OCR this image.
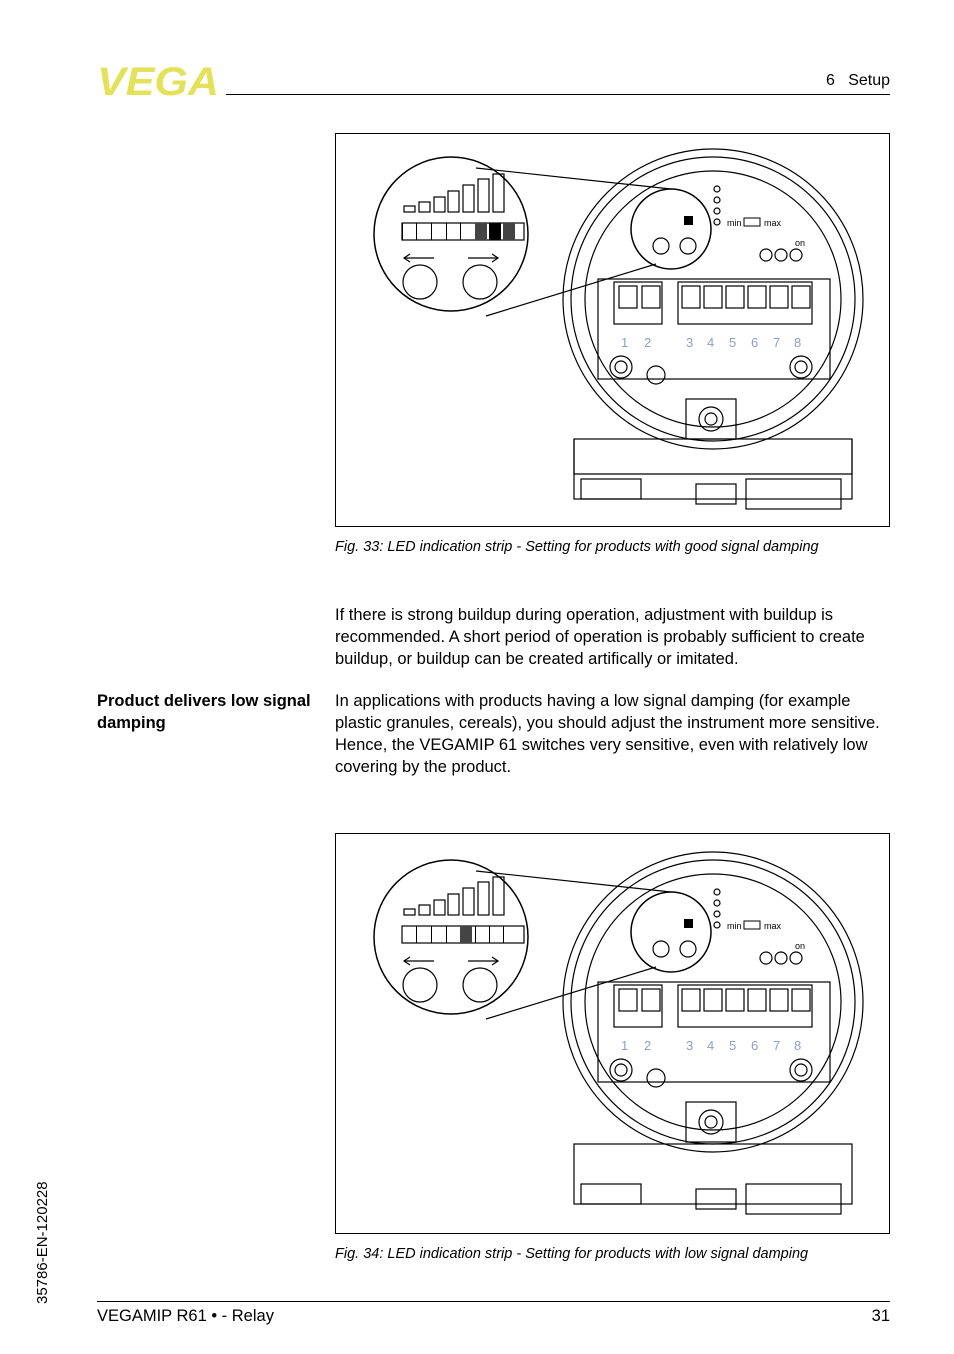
VEGA	6   Setup
min max
on
1 2	3 4 5 6 7 8
Fig. 33: LED indication strip - Setting for products with good signal damping
If there is strong buildup during operation, adjustment with buildup is recommended. A short period of operation is probably sufficient to create buildup, or buildup can be created artifically or imitated.
Product delivers low signal damping
In applications with products having a low signal damping (for example plastic granules, cereals), you should adjust the instrument more sensitive. Hence, the VEGAMIP 61 switches very sensitive, even with relatively low covering by the product.
min max
on
1 2	3 4 5 6 7 8
Fig. 34: LED indication strip - Setting for products with low signal damping
35786-EN-120228
VEGAMIP R61 • - Relay	31
